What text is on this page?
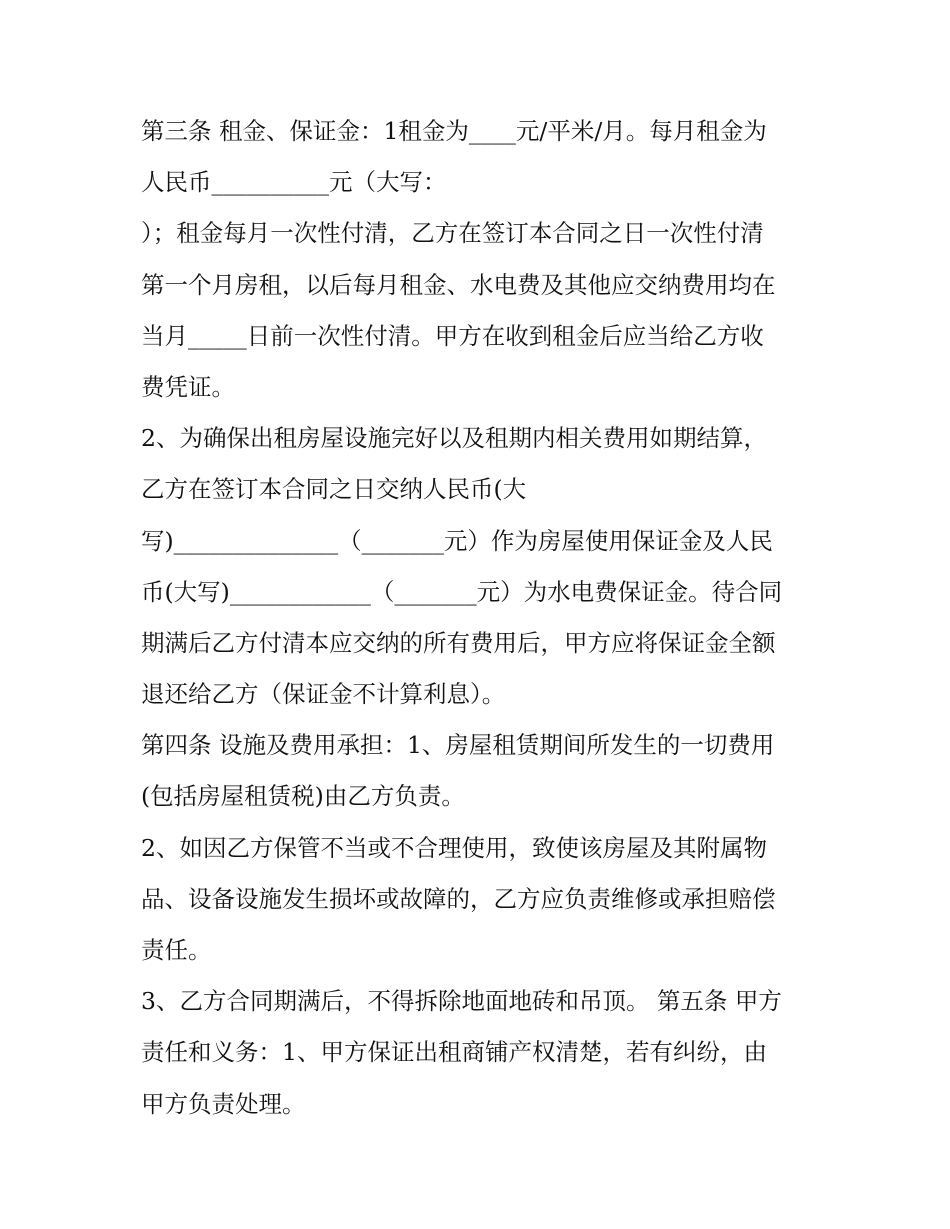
第三条 租金、保证金：1租金为____元/平米/月。每月租金为
人民币__________元（大写：
）；租金每月一次性付清，乙方在签订本合同之日一次性付清
第一个月房租，以后每月租金、水电费及其他应交纳费用均在
当月_____日前一次性付清。甲方在收到租金后应当给乙方收
费凭证。
2、为确保出租房屋设施完好以及租期内相关费用如期结算，
乙方在签订本合同之日交纳人民币(大
写)______________（_______元）作为房屋使用保证金及人民
币(大写)____________（_______元）为水电费保证金。待合同
期满后乙方付清本应交纳的所有费用后，甲方应将保证金全额
退还给乙方（保证金不计算利息）。
第四条 设施及费用承担：1、房屋租赁期间所发生的一切费用
(包括房屋租赁税)由乙方负责。
2、如因乙方保管不当或不合理使用，致使该房屋及其附属物
品、设备设施发生损坏或故障的，乙方应负责维修或承担赔偿
责任。
3、乙方合同期满后，不得拆除地面地砖和吊顶。 第五条 甲方
责任和义务：1、甲方保证出租商铺产权清楚，若有纠纷，由
甲方负责处理。
